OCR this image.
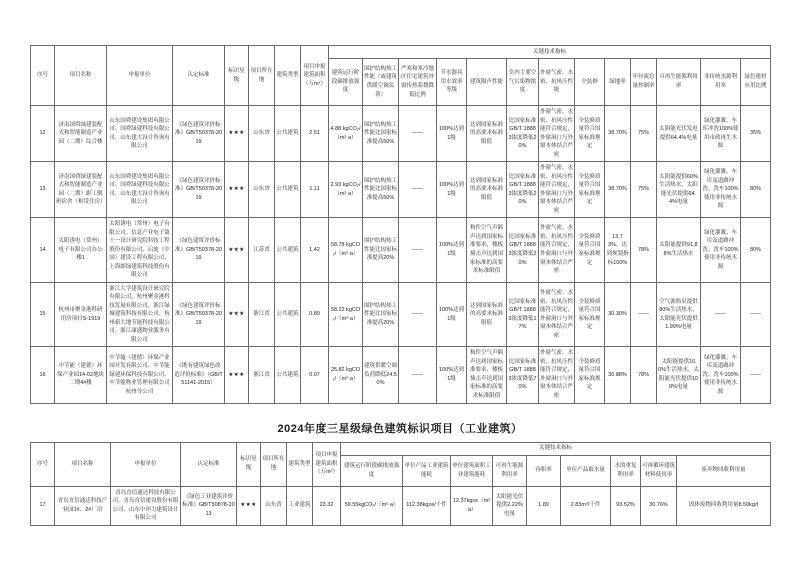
序号	项目名称	申报单位	认定标准	标识星级	项目所在地	建筑类型	项目申报建筑面积（万m²）	关键技术指标												
								建筑运行阶段碳排放强度	围护结构热工性能（或建筑供暖空调负荷）	严寒和寒冷地区住宅建筑外窗传热系数降低比例	节水器具用水效率等级	建筑隔声性能	室内主要空气污染物浓度	外窗气密、水密、抗风压性能	全装修	绿地率	年径流总量控制率	可再生能源利用率	非传统水源利用率	绿色建材应用比例
12	济南国舜绿建装配式和智能制造产业园（二期）综合楼	山东国舜建设集团有限公司、国舜绿建科技有限公司、山东建大设计咨询有限公司	《绿色建筑评价标准》GB/T50378-2019	★★★	山东省	公共建筑	2.51	4.88 kgCO₂/（m²·a）	围护结构热工性能比国家标准提高50%	——	100%达到1级	达到国家标准的高要求标准限值	比国家标准GB/T 18883浓度降低20%	外窗气密、水密、抗风压性能符合规定，外窗洞口与外窗本体结合严密	全装修质量符合国家标准规定	38.70%	75%	太阳能光伏发电提供64.4%电量	绿化灌溉、车库冲洗100%使用市政再生水源	35%
13	济南国舜绿建装配式和智能制造产业园（二期）职工倒班宿舍（租赁住房）	山东国舜建设集团有限公司、国舜绿建科技有限公司、山东建大设计咨询有限公司	《绿色建筑评价标准》GB/T50378-2019	★★★	山东省	公共建筑	1.11	2.93 kgCO₂/（m²·a）	围护结构热工性能比国家标准提高50%	——	100%达到1级	达到国家标准的高要求标准限值	比国家标准GB/T 18883浓度降低20%	外窗气密、水密、抗风压性能符合规定，外窗洞口与外窗本体结合严密	全装修质量符合国家标准规定	38.70%	75%	太阳能提供60%生活热水，太阳能光伏提供64.4%电量	绿化灌溉、车库及道路冲洗、洗车100%使用非传统水源	80%
14	太阳诱电（常州）电子有限公司办公楼1	太阳诱电（常州）电子有限公司、信息产业电子第十一设计研究院科技工程股份有限公司、启迪（中国）建设工程有限公司、上海朗绿建筑科技股份有限公司	《绿色建筑评价标准》GB/T50378-2019	★★★	江苏省	公共建筑	1.42	58.78 kgCO₂/（m²·a）	围护结构热工性能比国家标准提高20%	——	100%达到1级	构件空气声隔声达到国家标准要求，楼板撞击声达到国家标准的高要求标准限值	比国家标准GB/T 18883浓度降低20%	外窗气密、水密、抗风压性能符合规定，外窗洞口与外窗本体结合严密	全装修质量符合国家标准规定	13.73%，达到规划指标100%	78%	太阳能提供91.88%生活热水	绿化灌溉、车库及道路冲洗、洗车100%使用非传统水源	80%
15	杭州市聚金港科研用房项目S-1919	浙江大学建筑设计研究院有限公司、杭州聚金港科技发展有限公司、浙江绿城建筑科技有限公司、杭州新大地节能科技有限公司、浙江康盛物业服务有限公司	《绿色建筑评价标准》GB/T50378-2019	★★★	浙江省	公共建筑	0.89	58.22 kgCO₂/（m²·a）	围护结构热工性能比国家标准提高20%	——	100%达到1级	达到国家标准的高要求标准限值	比国家标准GB/T 18883浓度降低17%	外窗气密、水密、抗风压性能符合规定，外窗洞口与外窗本体结合严密	全装修质量符合国家标准规定	30.30%	——	空气源热泵提供80%生活热水，太阳能光伏提供1.99%电量	——	——
16	中节能（建德）环保产业园14-02地块二期4#楼	中节能（建德）环保产业园开发有限公司、中节能绿建环保科技有限公司、中节能物业管理有限公司杭州分公司	《既有建筑绿色改造评价标准》（GB/T 51141-2015）	★★★	浙江省	公共建筑	0.07	25.82 kgCO₂/（m²·a）	建筑供暖空调负荷降低24.50%	——	100%达到1级	构件空气声隔声达到国家标准要求，楼板撞击声达到国家标准的高要求标准限值	比国家标准GB/T 18883浓度降低70%	外窗气密、水密、抗风压性能符合规定，外窗洞口与外窗本体结合严密	全装修质量符合国家标准规定	30.88%	78%	太阳能提供100%生活热水，太阳能光伏提供100%电量	绿化灌溉、车库及道路冲洗、洗车100%使用非传统水源	——
2024年度三星级绿色建筑标识项目（工业建筑）
序号	项目名称	申报单位	认定标准	标识星级	项目所在地	建筑类型	项目申报建筑面积（万m²）	关键技术指标								
								建筑运行阶段碳排放强度	单位产品工业建筑能耗	单位建筑面积工业建筑能耗	可再生能源利用率	容积率	单位产品取水量	水的重复利用率	可再循环建筑材料使用率	废弃物回收利用量
17	青岛直信通达科技产业园1#、2#厂房	青岛直信通达科技有限公司、青岛直信建设股份有限公司、山东中环力建筑设计有限公司	《绿色工业建筑评价标准》GB/T50878-2013	★★★	山东省	工业建筑	23.32	59.55kgCO₂/（m²·a）	112.38kgce/千件	12.37kgce（m²·a）	太阳能光伏提供2.22%电量	1.89	2.83m³/千件	93.52%	30.76%	固体废物回收利用量8.50kg/t
